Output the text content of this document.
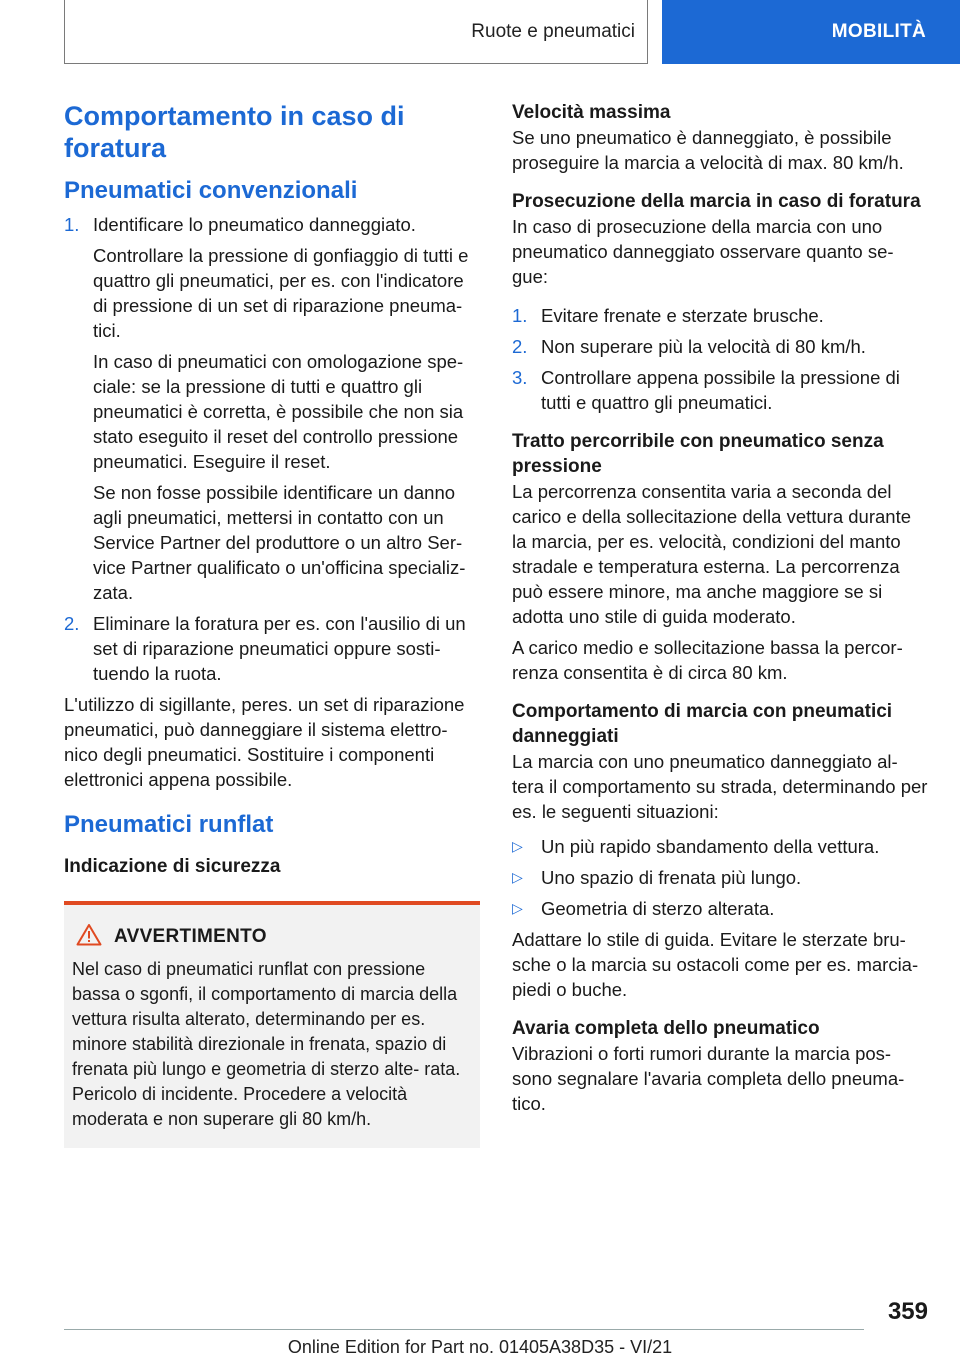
Ruote e pneumatici	MOBILITÀ
Comportamento in caso di foratura
Pneumatici convenzionali
1. Identificare lo pneumatico danneggiato.

Controllare la pressione di gonfiaggio di tutti e quattro gli pneumatici, per es. con l'indicatore di pressione di un set di riparazione pneuma‐ tici.

In caso di pneumatici con omologazione spe‐ ciale: se la pressione di tutti e quattro gli pneumatici è corretta, è possibile che non sia stato eseguito il reset del controllo pressione pneumatici. Eseguire il reset.

Se non fosse possibile identificare un danno agli pneumatici, mettersi in contatto con un Service Partner del produttore o un altro Ser‐ vice Partner qualificato o un'officina specializ‐ zata.

2. Eliminare la foratura per es. con l'ausilio di un set di riparazione pneumatici oppure sosti‐ tuendo la ruota.

L'utilizzo di sigillante, peres. un set di riparazione pneumatici, può danneggiare il sistema elettro‐ nico degli pneumatici. Sostituire i componenti elettronici appena possibile.

Pneumatici runflat
Indicazione di sicurezza
AVVERTIMENTO

Nel caso di pneumatici runflat con pressione bassa o sgonfi, il comportamento di marcia della vettura risulta alterato, determinando per es. minore stabilità direzionale in frenata, spazio di frenata più lungo e geometria di sterzo alte‐ rata. Pericolo di incidente. Procedere a velocità moderata e non superare gli 80 km/h.

Velocità massima

Se uno pneumatico è danneggiato, è possibile proseguire la marcia a velocità di max. 80 km/h.

Prosecuzione della marcia in caso di foratura

In caso di prosecuzione della marcia con uno pneumatico danneggiato osservare quanto se‐ gue:

1. Evitare frenate e sterzate brusche.
2. Non superare più la velocità di 80 km/h.
3. Controllare appena possibile la pressione di tutti e quattro gli pneumatici.
Tratto percorribile con pneumatico senza pressione

La percorrenza consentita varia a seconda del carico e della sollecitazione della vettura durante la marcia, per es. velocità, condizioni del manto stradale e temperatura esterna. La percorrenza può essere minore, ma anche maggiore se si adotta uno stile di guida moderato.

A carico medio e sollecitazione bassa la percor‐ renza consentita è di circa 80 km.

Comportamento di marcia con pneumatici danneggiati

La marcia con uno pneumatico danneggiato al‐ tera il comportamento su strada, determinando per es. le seguenti situazioni:

▷ Un più rapido sbandamento della vettura.
▷ Uno spazio di frenata più lungo.
▷ Geometria di sterzo alterata.

Adattare lo stile di guida. Evitare le sterzate bru‐ sche o la marcia su ostacoli come per es. marcia‐ piedi o buche.

Avaria completa dello pneumatico

Vibrazioni o forti rumori durante la marcia pos‐ sono segnalare l'avaria completa dello pneuma‐ tico.

359
Online Edition for Part no. 01405A38D35 - VI/21
